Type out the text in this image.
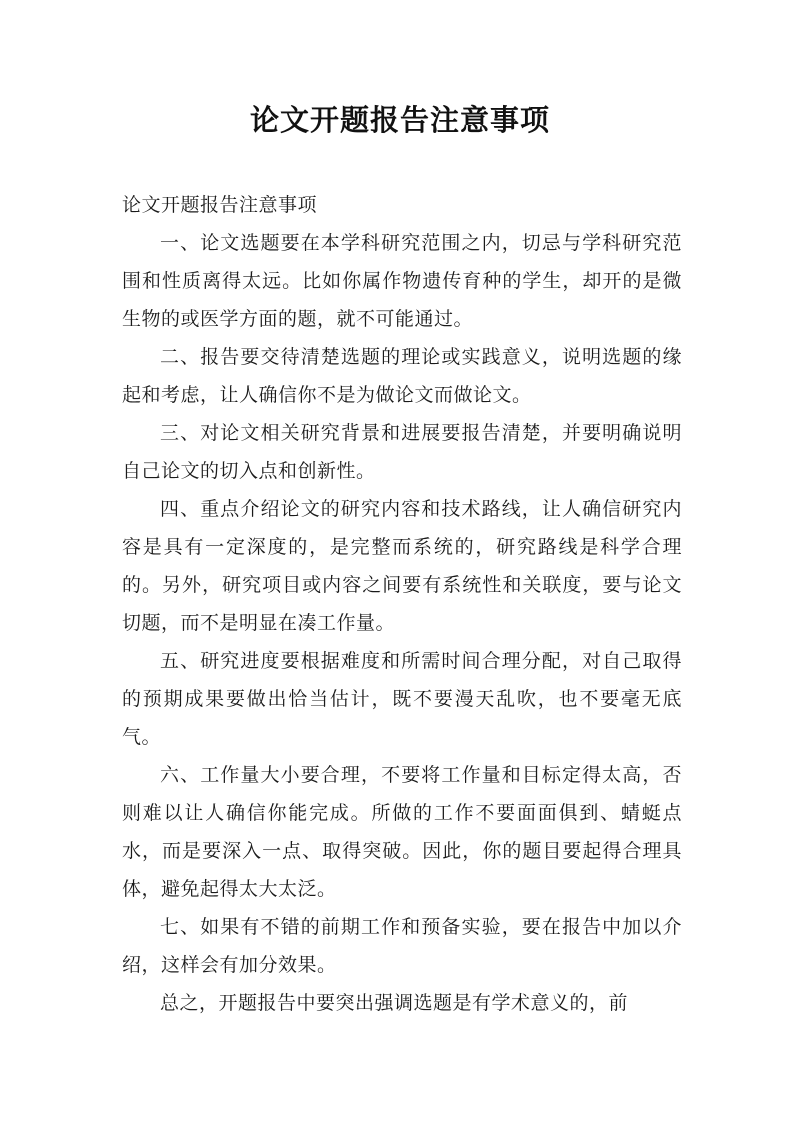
论文开题报告注意事项

论文开题报告注意事项

一、论文选题要在本学科研究范围之内，切忌与学科研究范围和性质离得太远。比如你属作物遗传育种的学生，却开的是微生物的或医学方面的题，就不可能通过。

二、报告要交待清楚选题的理论或实践意义，说明选题的缘起和考虑，让人确信你不是为做论文而做论文。

三、对论文相关研究背景和进展要报告清楚，并要明确说明自己论文的切入点和创新性。

四、重点介绍论文的研究内容和技术路线，让人确信研究内容是具有一定深度的，是完整而系统的，研究路线是科学合理的。另外，研究项目或内容之间要有系统性和关联度，要与论文切题，而不是明显在凑工作量。

五、研究进度要根据难度和所需时间合理分配，对自己取得的预期成果要做出恰当估计，既不要漫天乱吹，也不要毫无底气。

六、工作量大小要合理，不要将工作量和目标定得太高，否则难以让人确信你能完成。所做的工作不要面面俱到、蜻蜓点水，而是要深入一点、取得突破。因此，你的题目要起得合理具体，避免起得太大太泛。

七、如果有不错的前期工作和预备实验，要在报告中加以介绍，这样会有加分效果。

总之，开题报告中要突出强调选题是有学术意义的，前
